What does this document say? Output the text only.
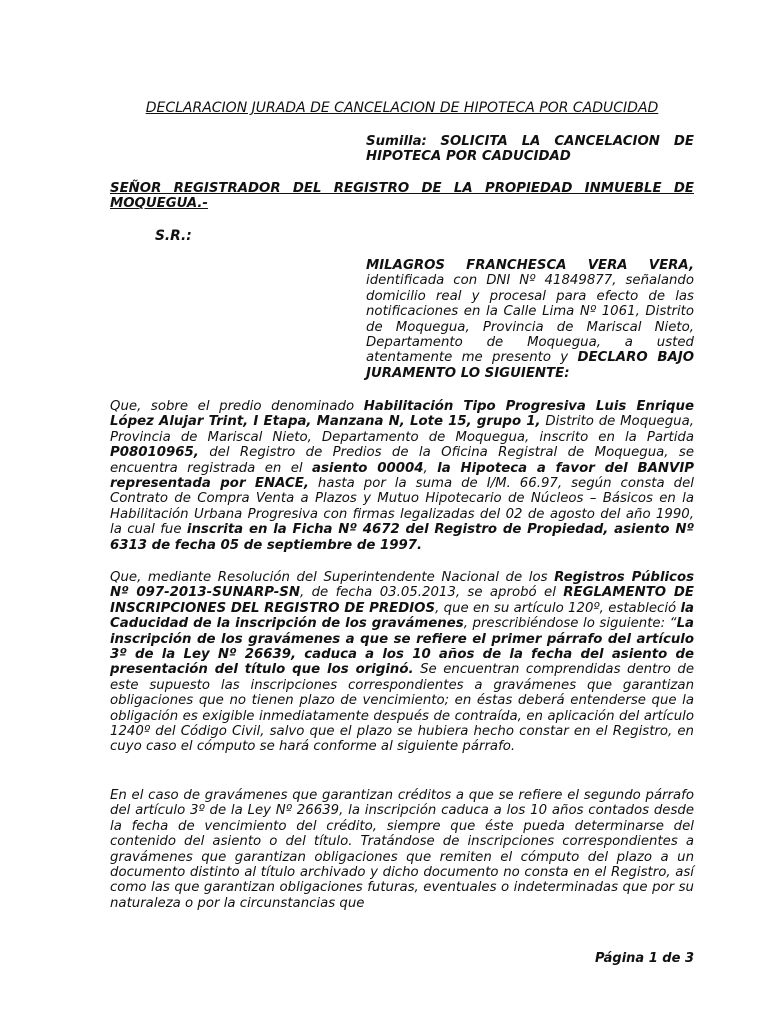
DECLARACION JURADA DE CANCELACION DE HIPOTECA POR CADUCIDAD
Sumilla: SOLICITA LA CANCELACION DE HIPOTECA POR CADUCIDAD
SEÑOR REGISTRADOR DEL REGISTRO DE LA PROPIEDAD INMUEBLE DE MOQUEGUA.-
S.R.:
MILAGROS FRANCHESCA VERA VERA, identificada con DNI Nº 41849877, señalando domicilio real y procesal para efecto de las notificaciones en la Calle Lima Nº 1061, Distrito de Moquegua, Provincia de Mariscal Nieto, Departamento de Moquegua, a usted atentamente me presento y DECLARO BAJO JURAMENTO LO SIGUIENTE:
Que, sobre el predio denominado Habilitación Tipo Progresiva Luis Enrique López Alujar Trint, I Etapa, Manzana N, Lote 15, grupo 1, Distrito de Moquegua, Provincia de Mariscal Nieto, Departamento de Moquegua, inscrito en la Partida P08010965, del Registro de Predios de la Oficina Registral de Moquegua, se encuentra registrada en el asiento 00004, la Hipoteca a favor del BANVIP representada por ENACE, hasta por la suma de I/M. 66.97, según consta del Contrato de Compra Venta a Plazos y Mutuo Hipotecario de Núcleos – Básicos en la Habilitación Urbana Progresiva con firmas legalizadas del 02 de agosto del año 1990, la cual fue inscrita en la Ficha Nº 4672 del Registro de Propiedad, asiento Nº 6313 de fecha 05 de septiembre de 1997.
Que, mediante Resolución del Superintendente Nacional de los Registros Públicos Nº 097-2013-SUNARP-SN, de fecha 03.05.2013, se aprobó el REGLAMENTO DE INSCRIPCIONES DEL REGISTRO DE PREDIOS, que en su artículo 120º, estableció la Caducidad de la inscripción de los gravámenes, prescribiéndose lo siguiente: “La inscripción de los gravámenes a que se refiere el primer párrafo del artículo 3º de la Ley Nº 26639, caduca a los 10 años de la fecha del asiento de presentación del título que los originó. Se encuentran comprendidas dentro de este supuesto las inscripciones correspondientes a gravámenes que garantizan obligaciones que no tienen plazo de vencimiento; en éstas deberá entenderse que la obligación es exigible inmediatamente después de contraída, en aplicación del artículo 1240º del Código Civil, salvo que el plazo se hubiera hecho constar en el Registro, en cuyo caso el cómputo se hará conforme al siguiente párrafo.
En el caso de gravámenes que garantizan créditos a que se refiere el segundo párrafo del artículo 3º de la Ley Nº 26639, la inscripción caduca a los 10 años contados desde la fecha de vencimiento del crédito, siempre que éste pueda determinarse del contenido del asiento o del título. Tratándose de inscripciones correspondientes a gravámenes que garantizan obligaciones que remiten el cómputo del plazo a un documento distinto al título archivado y dicho documento no consta en el Registro, así como las que garantizan obligaciones futuras, eventuales o indeterminadas que por su naturaleza o por la circunstancias que
Página 1 de 3
